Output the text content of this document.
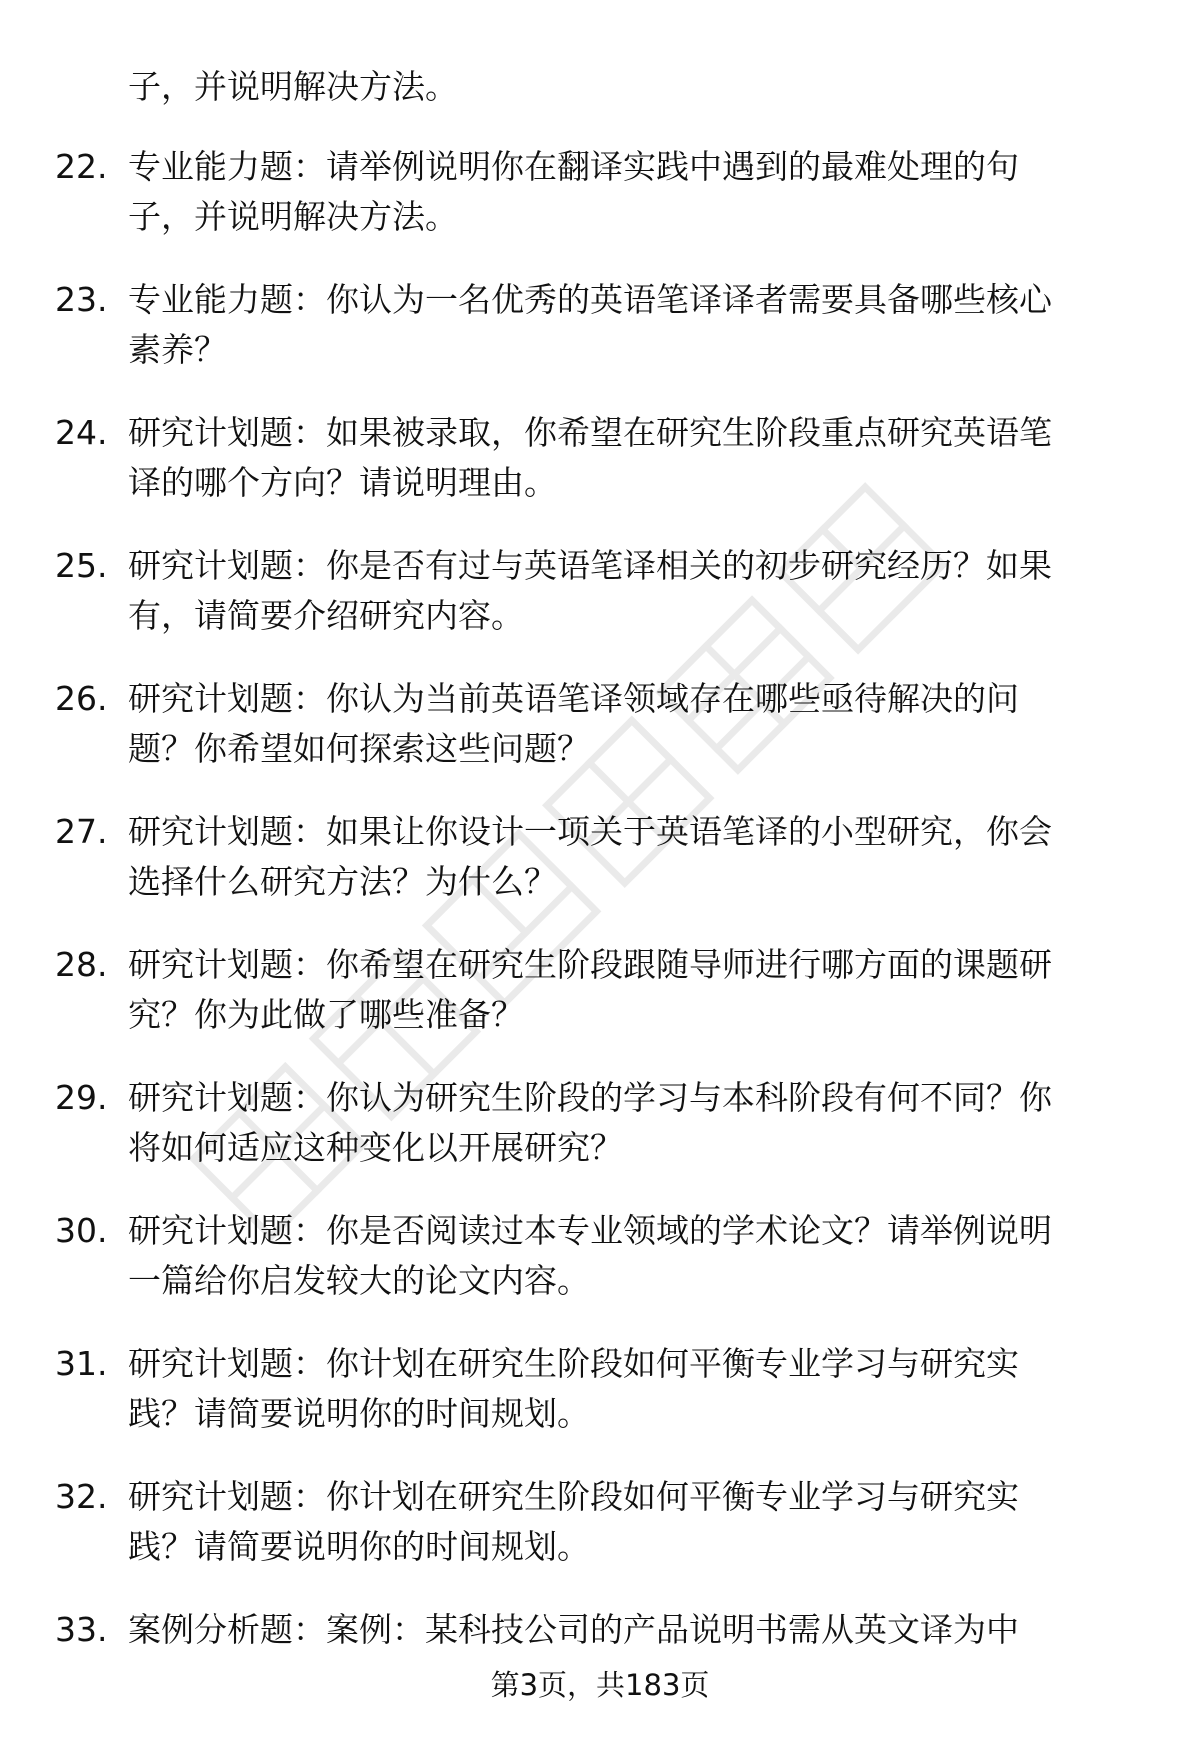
子，并说明解决方法。
22. 专业能力题：请举例说明你在翻译实践中遇到的最难处理的句
子，并说明解决方法。
23. 专业能力题：你认为一名优秀的英语笔译译者需要具备哪些核心
素养？
24. 研究计划题：如果被录取，你希望在研究生阶段重点研究英语笔
译的哪个方向？请说明理由。
25. 研究计划题：你是否有过与英语笔译相关的初步研究经历？如果
有，请简要介绍研究内容。
26. 研究计划题：你认为当前英语笔译领域存在哪些亟待解决的问
题？你希望如何探索这些问题？
27. 研究计划题：如果让你设计一项关于英语笔译的小型研究，你会
选择什么研究方法？为什么？
28. 研究计划题：你希望在研究生阶段跟随导师进行哪方面的课题研
究？你为此做了哪些准备？
29. 研究计划题：你认为研究生阶段的学习与本科阶段有何不同？你
将如何适应这种变化以开展研究？
30. 研究计划题：你是否阅读过本专业领域的学术论文？请举例说明
一篇给你启发较大的论文内容。
31. 研究计划题：你计划在研究生阶段如何平衡专业学习与研究实
践？请简要说明你的时间规划。
32. 研究计划题：你计划在研究生阶段如何平衡专业学习与研究实
践？请简要说明你的时间规划。
33. 案例分析题：案例：某科技公司的产品说明书需从英文译为中
第3页，共183页
